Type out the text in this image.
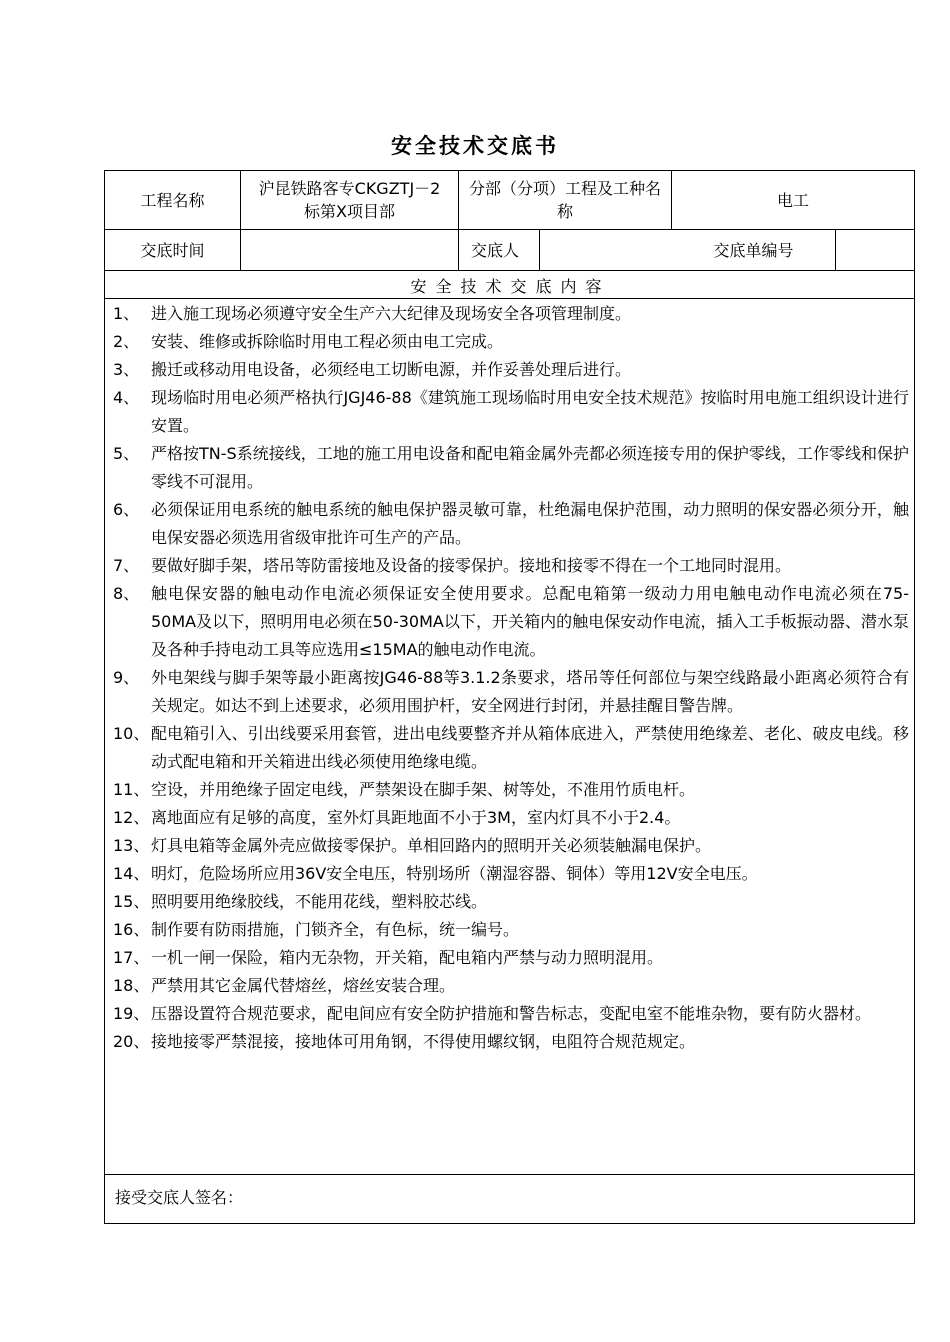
安全技术交底书
工程名称
沪昆铁路客专CKGZTJ－2标第X项目部
分部（分项）工程及工种名称
电工
交底时间	交底人	交底单编号
安全技术交底内容
1、 进入施工现场必须遵守安全生产六大纪律及现场安全各项管理制度。
2、 安装、维修或拆除临时用电工程必须由电工完成。
3、 搬迁或移动用电设备，必须经电工切断电源，并作妥善处理后进行。
4、 现场临时用电必须严格执行JGJ46-88《建筑施工现场临时用电安全技术规范》按临时用电施工组织设计进行安置。
5、 严格按TN-S系统接线，工地的施工用电设备和配电箱金属外壳都必须连接专用的保护零线，工作零线和保护零线不可混用。
6、 必须保证用电系统的触电系统的触电保护器灵敏可靠，杜绝漏电保护范围，动力照明的保安器必须分开，触电保安器必须选用省级审批许可生产的产品。
7、 要做好脚手架，塔吊等防雷接地及设备的接零保护。接地和接零不得在一个工地同时混用。
8、 触电保安器的触电动作电流必须保证安全使用要求。总配电箱第一级动力用电触电动作电流必须在75-50MA及以下，照明用电必须在50-30MA以下，开关箱内的触电保安动作电流，插入工手板振动器、潜水泵及各种手持电动工具等应选用≤15MA的触电动作电流。
9、 外电架线与脚手架等最小距离按JG46-88等3.1.2条要求，塔吊等任何部位与架空线路最小距离必须符合有关规定。如达不到上述要求，必须用围护杆，安全网进行封闭，并悬挂醒目警告牌。
10、 配电箱引入、引出线要采用套管，进出电线要整齐并从箱体底进入，严禁使用绝缘差、老化、破皮电线。移动式配电箱和开关箱进出线必须使用绝缘电缆。
11、 空设，并用绝缘子固定电线，严禁架设在脚手架、树等处，不准用竹质电杆。
12、 离地面应有足够的高度，室外灯具距地面不小于3M，室内灯具不小于2.4。
13、 灯具电箱等金属外壳应做接零保护。单相回路内的照明开关必须装触漏电保护。
14、 明灯，危险场所应用36V安全电压，特别场所（潮湿容器、铜体）等用12V安全电压。
15、 照明要用绝缘胶线，不能用花线，塑料胶芯线。
16、 制作要有防雨措施，门锁齐全，有色标，统一编号。
17、 一机一闸一保险，箱内无杂物，开关箱，配电箱内严禁与动力照明混用。
18、 严禁用其它金属代替熔丝，熔丝安装合理。
19、 压器设置符合规范要求，配电间应有安全防护措施和警告标志，变配电室不能堆杂物，要有防火器材。
20、 接地接零严禁混接，接地体可用角钢，不得使用螺纹钢，电阻符合规范规定。
接受交底人签名：
